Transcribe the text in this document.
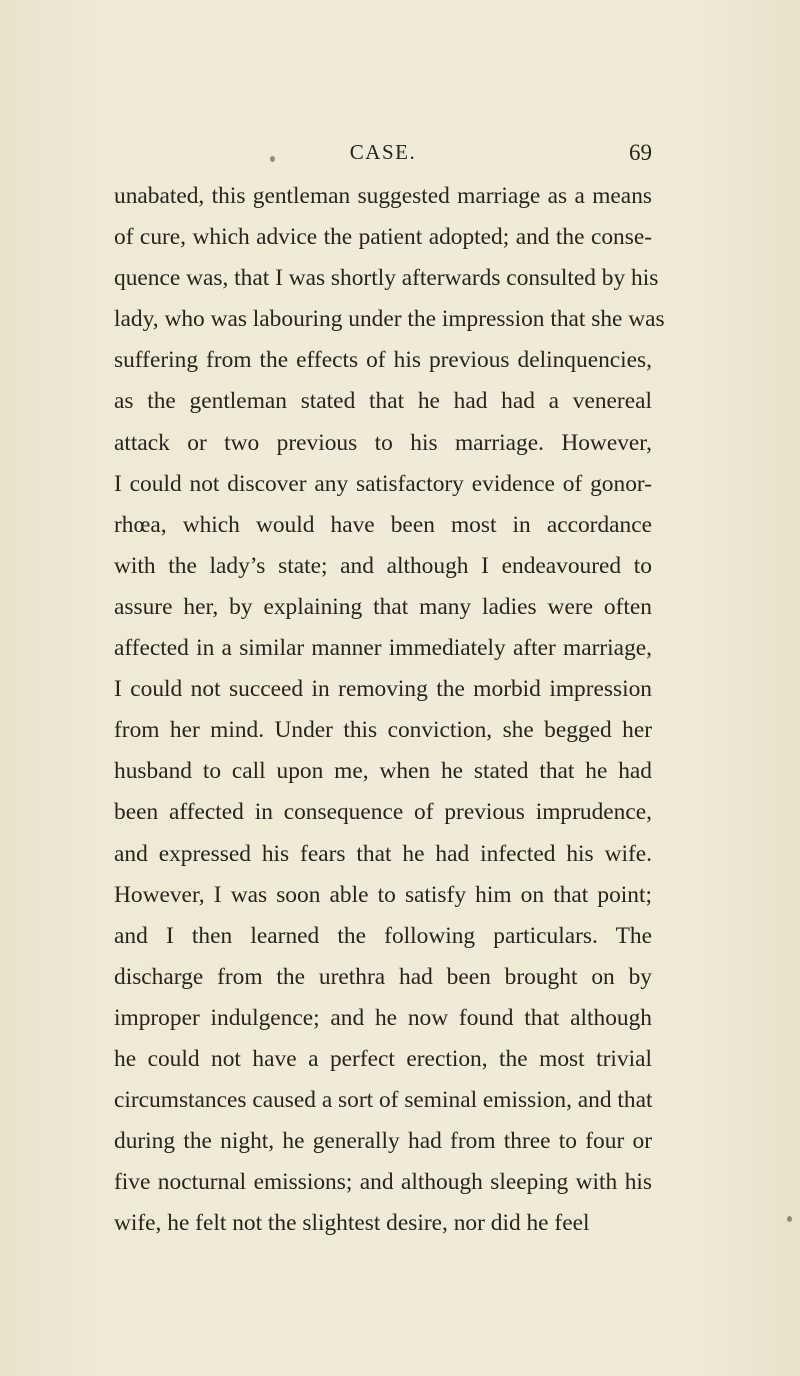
CASE.	69
unabated, this gentleman suggested marriage as a means
of cure, which advice the patient adopted; and the conse-
quence was, that I was shortly afterwards consulted by his
lady, who was labouring under the impression that she was
suffering from the effects of his previous delinquencies,
as the gentleman stated that he had had a venereal
attack or two previous to his marriage. However,
I could not discover any satisfactory evidence of gonor-
rhœa, which would have been most in accordance
with the lady’s state; and although I endeavoured to
assure her, by explaining that many ladies were often
affected in a similar manner immediately after marriage,
I could not succeed in removing the morbid impression
from her mind. Under this conviction, she begged her
husband to call upon me, when he stated that he had
been affected in consequence of previous imprudence,
and expressed his fears that he had infected his wife.
However, I was soon able to satisfy him on that point;
and I then learned the following particulars. The
discharge from the urethra had been brought on by
improper indulgence; and he now found that although
he could not have a perfect erection, the most trivial
circumstances caused a sort of seminal emission, and that
during the night, he generally had from three to four or
five nocturnal emissions; and although sleeping with his
wife, he felt not the slightest desire, nor did he feel
